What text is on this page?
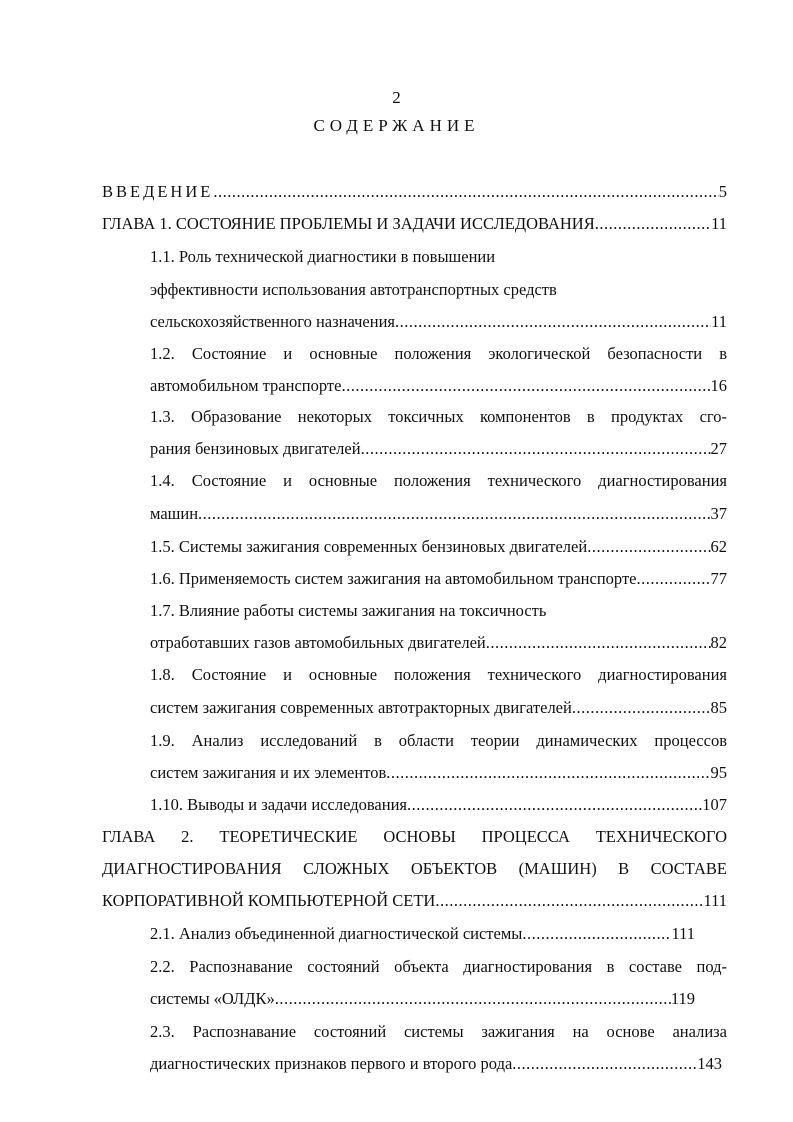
2
СОДЕРЖАНИЕ
ВВЕДЕНИЕ .....	5
ГЛАВА 1. СОСТОЯНИЕ ПРОБЛЕМЫ И ЗАДАЧИ ИССЛЕДОВАНИЯ .....	11
1.1. Роль технической диагностики в повышении
эффективности использования автотранспортных средств
сельскохозяйственного назначения .....	11
1.2. Состояние и основные положения экологической безопасности в
автомобильном транспорте .....	16
1.3. Образование некоторых токсичных компонентов в продуктах сго-
рания бензиновых двигателей .....	27
1.4. Состояние и основные положения технического диагностирования
машин .....	37
1.5. Системы зажигания современных бензиновых двигателей .....	62
1.6. Применяемость систем зажигания на автомобильном транспорте .....	77
1.7. Влияние работы системы зажигания на токсичность
отработавших газов автомобильных двигателей .....	82
1.8. Состояние и основные положения технического диагностирования
систем зажигания современных автотракторных двигателей .....	85
1.9. Анализ исследований в области теории динамических процессов
систем зажигания и их элементов .....	95
1.10. Выводы и задачи исследования .....	107
ГЛАВА 2. ТЕОРЕТИЧЕСКИЕ ОСНОВЫ ПРОЦЕССА ТЕХНИЧЕСКОГО
ДИАГНОСТИРОВАНИЯ СЛОЖНЫХ ОБЪЕКТОВ (МАШИН) В СОСТАВЕ
КОРПОРАТИВНОЙ КОМПЬЮТЕРНОЙ СЕТИ .....	111
2.1. Анализ объединенной диагностической системы .....	111
2.2. Распознавание состояний объекта диагностирования в составе под-
системы «ОЛДК» .....	119
2.3. Распознавание состояний системы зажигания на основе анализа
диагностических признаков первого и второго рода .....	143
